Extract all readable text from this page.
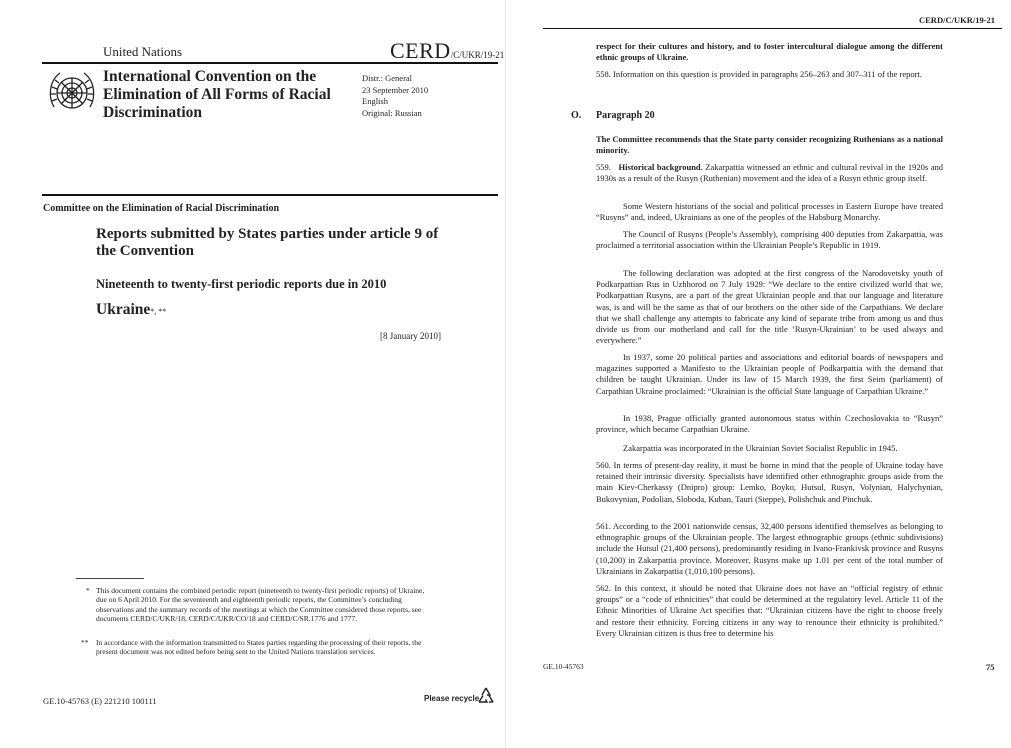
United Nations	CERD/C/UKR/19-21
International Convention on the Elimination of All Forms of Racial Discrimination
Distr.: General
23 September 2010
English
Original: Russian
Committee on the Elimination of Racial Discrimination
Reports submitted by States parties under article 9 of the Convention
Nineteenth to twenty-first periodic reports due in 2010
Ukraine*, **
[8 January 2010]
* This document contains the combined periodic report (nineteenth to twenty-first periodic reports) of Ukraine, due on 6 April 2010. For the seventeenth and eighteenth periodic reports, the Committee’s concluding observations and the summary records of the meetings at which the Committee considered those reports, see documents CERD/C/UKR/18, CERD/C/UKR/CO/18 and CERD/C/SR.1776 and 1777.
** In accordance with the information transmitted to States parties regarding the processing of their reports, the present document was not edited before being sent to the United Nations translation services.
GE.10-45763 (E) 221210 100111	Please recycle
CERD/C/UKR/19-21
respect for their cultures and history, and to foster intercultural dialogue among the different ethnic groups of Ukraine.
558. Information on this question is provided in paragraphs 256–263 and 307–311 of the report.
O. Paragraph 20
The Committee recommends that the State party consider recognizing Ruthenians as a national minority.
559. Historical background. Zakarpattia witnessed an ethnic and cultural revival in the 1920s and 1930s as a result of the Rusyn (Ruthenian) movement and the idea of a Rusyn ethnic group itself.
Some Western historians of the social and political processes in Eastern Europe have treated “Rusyns” and, indeed, Ukrainians as one of the peoples of the Habsburg Monarchy.
The Council of Rusyns (People’s Assembly), comprising 400 deputies from Zakarpattia, was proclaimed a territorial association within the Ukrainian People’s Republic in 1919.
The following declaration was adopted at the first congress of the Narodovetsky youth of Podkarpattian Rus in Uzhhorod on 7 July 1929: “We declare to the entire civilized world that we, Podkarpattian Rusyns, are a part of the great Ukrainian people and that our language and literature was, is and will be the same as that of our brothers on the other side of the Carpathians. We declare that we shall challenge any attempts to fabricate any kind of separate tribe from among us and thus divide us from our motherland and call for the title ‘Rusyn-Ukrainian’ to be used always and everywhere.”
In 1937, some 20 political parties and associations and editorial boards of newspapers and magazines supported a Manifesto to the Ukrainian people of Podkarpattia with the demand that children be taught Ukrainian. Under its law of 15 March 1939, the first Seim (parliament) of Carpathian Ukraine proclaimed: “Ukrainian is the official State language of Carpathian Ukraine.”
In 1938, Prague officially granted autonomous status within Czechoslovakia to “Rusyn” province, which became Carpathian Ukraine.
Zakarpattia was incorporated in the Ukrainian Soviet Socialist Republic in 1945.
560. In terms of present-day reality, it must be borne in mind that the people of Ukraine today have retained their intrinsic diversity. Specialists have identified other ethnographic groups aside from the main Kiev-Cherkassy (Dnipro) group: Lemko, Boyko, Hutsul, Rusyn, Volynian, Halychynian, Bukovynian, Podolian, Sloboda, Kuban, Tauri (Steppe), Polishchuk and Pinchuk.
561. According to the 2001 nationwide census, 32,400 persons identified themselves as belonging to ethnographic groups of the Ukrainian people. The largest ethnographic groups (ethnic subdivisions) include the Hutsul (21,400 persons), predominantly residing in Ivano-Frankivsk province and Rusyns (10,200) in Zakarpattia province. Moreover, Rusyns make up 1.01 per cent of the total number of Ukrainians in Zakarpattia (1,010,100 persons).
562. In this context, it should be noted that Ukraine does not have an “official registry of ethnic groups” or a “code of ethnicities” that could be determined at the regulatory level. Article 11 of the Ethnic Minorities of Ukraine Act specifies that: “Ukrainian citizens have the right to choose freely and restore their ethnicity. Forcing citizens in any way to renounce their ethnicity is prohibited.” Every Ukrainian citizen is thus free to determine his
GE.10-45763	75
